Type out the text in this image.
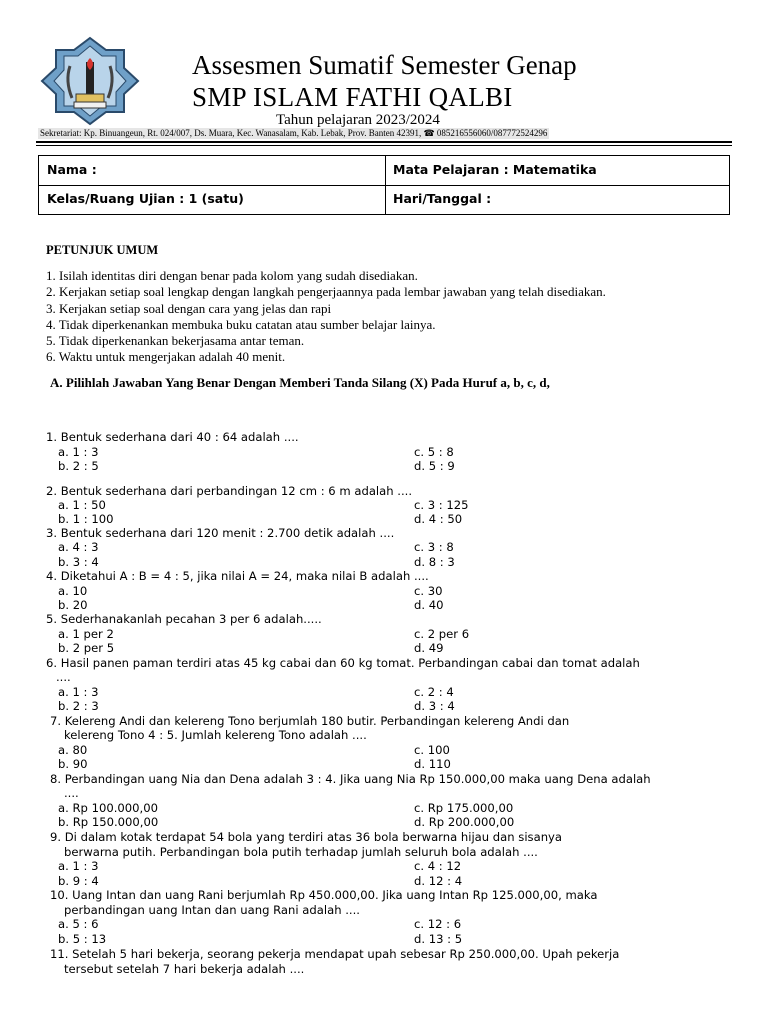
Assesmen Sumatif Semester Genap
SMP ISLAM FATHI QALBI
Tahun pelajaran 2023/2024
Sekretariat: Kp. Binuangeun, Rt. 024/007, Ds. Muara, Kec. Wanasalam, Kab. Lebak, Prov. Banten 42391, ☎ 085216556060/087772524296
Nama :	Mata Pelajaran : Matematika
Kelas/Ruang Ujian : 1 (satu)	Hari/Tanggal :
PETUNJUK UMUM
1. Isilah identitas diri dengan benar pada kolom yang sudah disediakan.
2. Kerjakan setiap soal lengkap dengan langkah pengerjaannya pada lembar jawaban yang telah disediakan.
3. Kerjakan setiap soal dengan cara yang jelas dan rapi
4. Tidak diperkenankan membuka buku catatan atau sumber belajar lainya.
5. Tidak diperkenankan bekerjasama antar teman.
6. Waktu untuk mengerjakan adalah 40 menit.
A. Pilihlah Jawaban Yang Benar Dengan Memberi Tanda Silang (X) Pada Huruf a, b, c, d,
1. Bentuk sederhana dari 40 : 64 adalah ....
a. 1 : 3	c. 5 : 8
b. 2 : 5	d. 5 : 9
2. Bentuk sederhana dari perbandingan 12 cm : 6 m adalah ....
a. 1 : 50	c. 3 : 125
b. 1 : 100	d. 4 : 50
3. Bentuk sederhana dari 120 menit : 2.700 detik adalah ....
a. 4 : 3	c. 3 : 8
b. 3 : 4	d. 8 : 3
4. Diketahui A : B = 4 : 5, jika nilai A = 24, maka nilai B adalah ....
a. 10	c. 30
b. 20	d. 40
5. Sederhanakanlah pecahan 3 per 6 adalah.....
a. 1 per 2	c. 2 per 6
b. 2 per 5	d. 49
6. Hasil panen paman terdiri atas 45 kg cabai dan 60 kg tomat. Perbandingan cabai dan tomat adalah
....
a. 1 : 3	c. 2 : 4
b. 2 : 3	d. 3 : 4
7. Kelereng Andi dan kelereng Tono berjumlah 180 butir. Perbandingan kelereng Andi dan
kelereng Tono 4 : 5. Jumlah kelereng Tono adalah ....
a. 80	c. 100
b. 90	d. 110
8. Perbandingan uang Nia dan Dena adalah 3 : 4. Jika uang Nia Rp 150.000,00 maka uang Dena adalah
....
a. Rp 100.000,00	c. Rp 175.000,00
b. Rp 150.000,00	d. Rp 200.000,00
9. Di dalam kotak terdapat 54 bola yang terdiri atas 36 bola berwarna hijau dan sisanya
berwarna putih. Perbandingan bola putih terhadap jumlah seluruh bola adalah ....
a. 1 : 3	c. 4 : 12
b. 9 : 4	d. 12 : 4
10. Uang Intan dan uang Rani berjumlah Rp 450.000,00. Jika uang Intan Rp 125.000,00, maka
perbandingan uang Intan dan uang Rani adalah ....
a. 5 : 6	c. 12 : 6
b. 5 : 13	d. 13 : 5
11. Setelah 5 hari bekerja, seorang pekerja mendapat upah sebesar Rp 250.000,00. Upah pekerja
tersebut setelah 7 hari bekerja adalah ....
